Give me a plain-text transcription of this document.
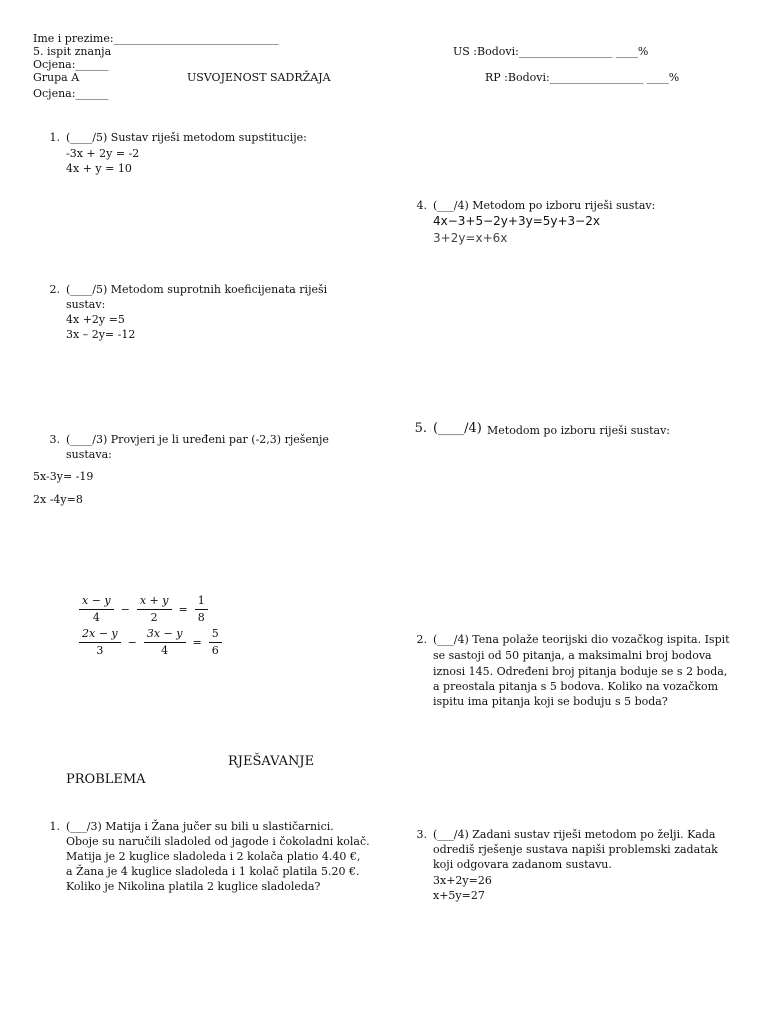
Ime i prezime:______________________________
5. ispit znanja
Ocjena:______
Grupa A	USVOJENOST SADRŽAJA
Ocjena:______
US :Bodovi:_________________ ____%
RP :Bodovi:_________________ ____%
1. (____/5) Sustav riješi metodom supstitucije:
-3x + 2y = -2
4x + y = 10
4. (___/4) Metodom po izboru riješi sustav:
4x−3+5−2y+3y=5y+3−2x
3+2y=x+6x
2. (____/5) Metodom suprotnih koeficijenata riješi
sustav:
4x +2y =5
3x – 2y= -12
5. (____/4) Metodom po izboru riješi sustav:
3. (____/3) Provjeri je li uređeni par (-2,3) rješenje
sustava:
5x-3y= -19
2x -4y=8
$\frac{x - y}{4} - \frac{x + y}{2} = \frac{1}{8}$
$\frac{2x - y}{3} - \frac{3x - y}{4} = \frac{5}{6}$	2. (___/4) Tena polaže teorijski dio vozačkog ispita. Ispit
se sastoji od 50 pitanja, a maksimalni broj bodova
iznosi 145. Određeni broj pitanja boduje se s 2 boda,
a preostala pitanja s 5 bodova. Koliko na vozačkom
ispitu ima pitanja koji se boduju s 5 boda?
RJEŠAVANJE
PROBLEMA
1. (___/3) Matija i Žana jučer su bili u slastičarnici.
Oboje su naručili sladoled od jagode i čokoladni kolač.
Matija je 2 kuglice sladoleda i 2 kolača platio 4.40 €,
a Žana je 4 kuglice sladoleda i 1 kolač platila 5.20 €.
Koliko je Nikolina platila 2 kuglice sladoleda?
3. (___/4) Zadani sustav riješi metodom po želji. Kada
odrediš rješenje sustava napiši problemski zadatak
koji odgovara zadanom sustavu.
3x+2y=26
x+5y=27
